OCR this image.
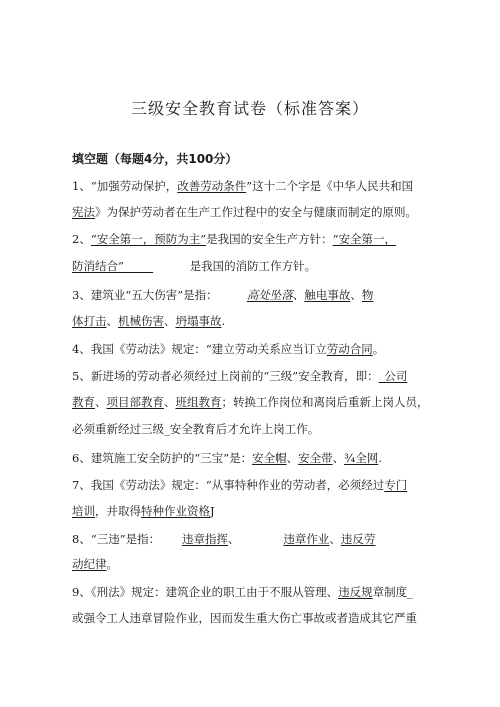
三级安全教育试卷（标准答案）
填空题（每题4分，共100分）
1、“加强劳动保护，改善劳动条件”这十二个字是《中华人民共和国
宪法》为保护劳动者在生产工作过程中的安全与健康而制定的原则。
2、“安全第一，预防为主”是我国的安全生产方针：“安全第一，
防消结合”                  是我国的消防工作方针。
3、建筑业“五大伤害”是指：        高处坠落、触电事故、物
体打击、机械伤害、坍塌事故.
4、我国《劳动法》规定：“建立劳动关系应当订立劳动合同。
5、新进场的劳动者必须经过上岗前的“三级”安全教育，即：_公司
教育、项目部教育、班组教育；转换工作岗位和离岗后重新上岗人员，
必须重新经过三级_安全教育后才允许上岗工作。
6、建筑施工安全防护的“三宝”是：安全帽、安全带、¾全网.
7、我国《劳动法》规定：“从事特种作业的劳动者，必须经过专门
培训，并取得特种作业资格J
8、“三违”是指：      违章指挥、            违章作业、违反劳
动纪律。
9、《刑法》规定：建筑企业的职工由于不服从管理、违反规章制度_
或强令工人违章冒险作业，因而发生重大伤亡事故或者造成其它严重
